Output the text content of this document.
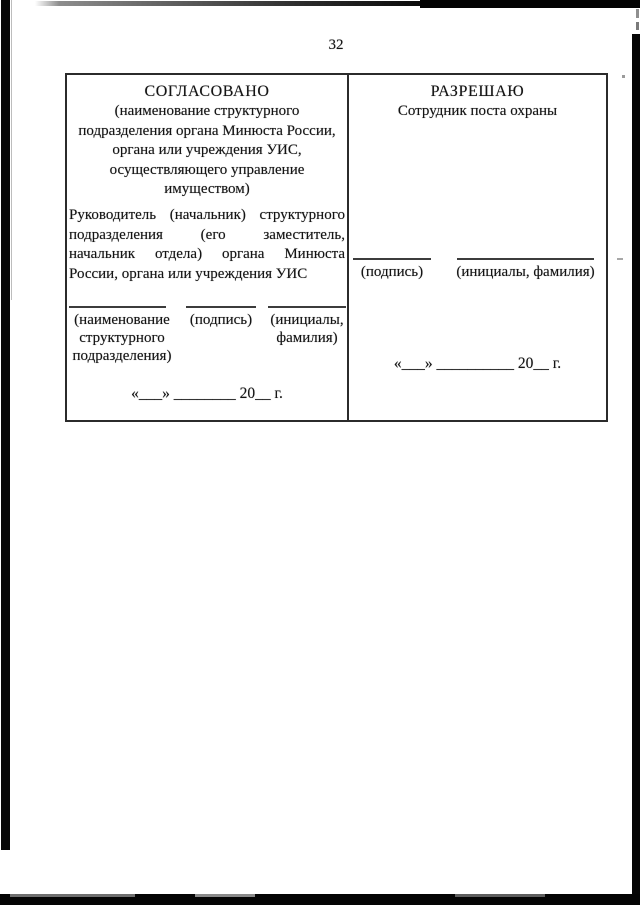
32
СОГЛАСОВАНО
(наименование структурного подразделения органа Минюста России, органа или учреждения УИС, осуществляющего управление имуществом)
Руководитель (начальник) структурного подразделения (его заместитель, начальник отдела) органа Минюста России, органа или учреждения УИС
(наименование структурного подразделения)
(подпись) (инициалы, фамилия)
«___» ________ 20__ г.
РАЗРЕШАЮ
Сотрудник поста охраны
(подпись)	(инициалы, фамилия)
«___» __________ 20__ г.
